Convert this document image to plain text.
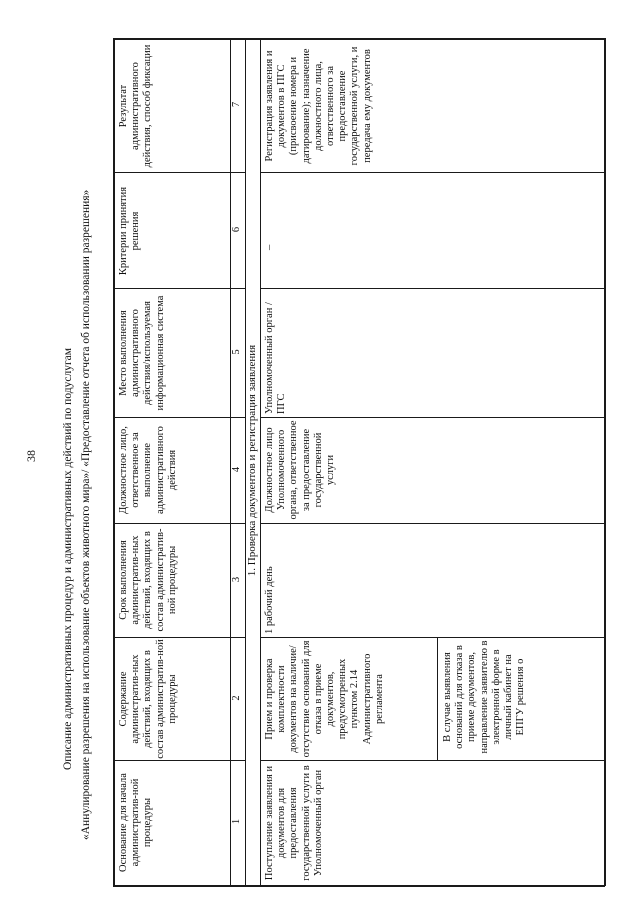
38 Описание административных процедур и административных действий по подуслугам «Аннулирование разрешения на использование объектов животного мира»/ «Предоставление отчета об использовании разрешения»
Результат административного действия, способ фиксации
Критерии принятия решения
Место выполнения административного действия/используемая информационная система
Должностное лицо, ответственное за выполнение административного действия
Срок выполнения административ-ных действий, входящих в состав административ-ной процедуры
Содержание административ-ных действий, входящих в состав административ-ной процедуры
Основание для начала административ-ной процедуры
7
6
5
4
3
2
1
1. Проверка документов и регистрация заявления
Поступление заявления и документов для предоставления государственной услуги в Уполномоченный орган
Прием и проверка комплектности документов на наличие/отсутствие оснований для отказа в приеме документов, предусмотренных пунктом 2.14 Административного регламента	В случае выявления оснований для отказа в приеме документов, направление заявителю в электронной форме в личный кабинет на ЕПГУ решения о
1 рабочий день
Должностное лицо Уполномоченного органа, ответственное за предоставление государственной услуги
Уполномоченный орган / ПГС
–
Регистрация заявления и документов в ПГС (присвоение номера и датирование); назначение должностного лица, ответственного за предоставление государственной услуги, и передача ему документов
